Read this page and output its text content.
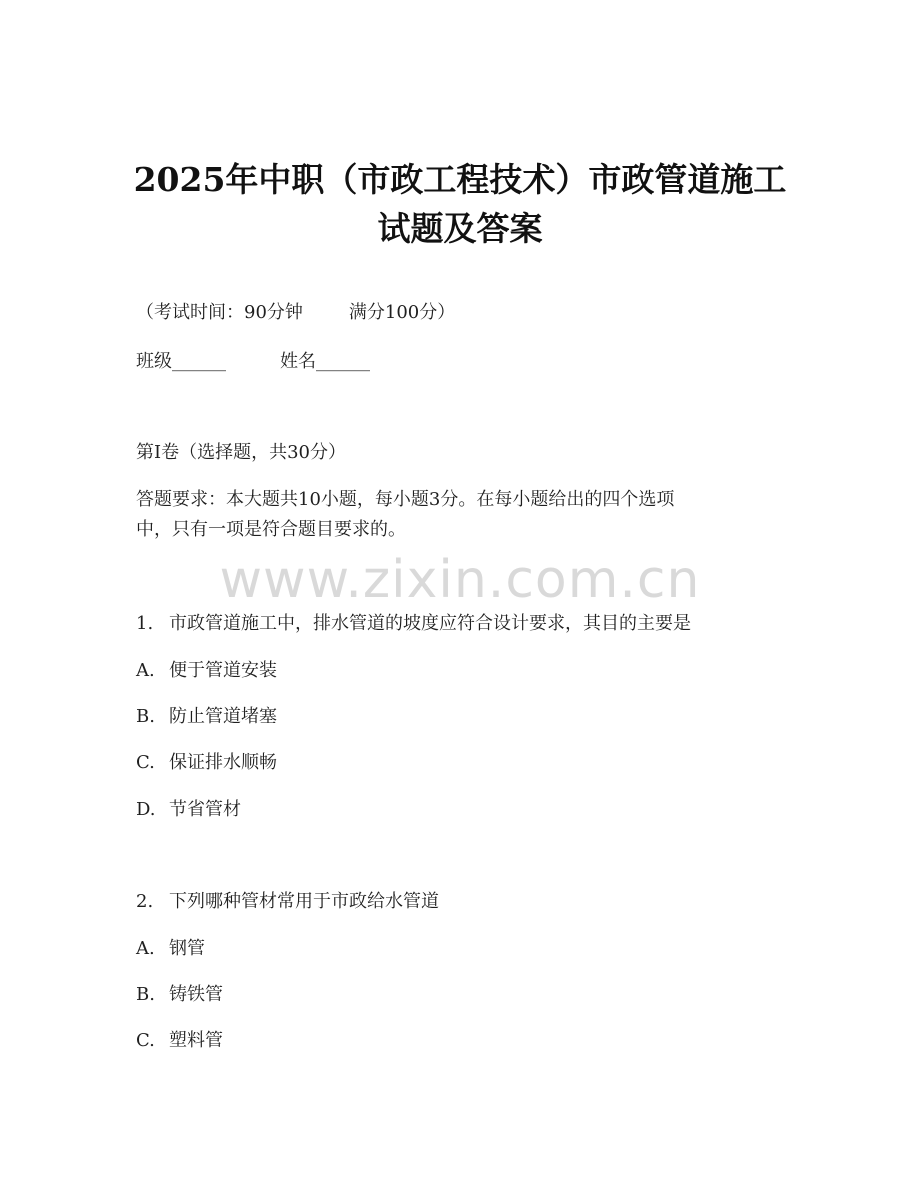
2025年中职（市政工程技术）市政管道施工
试题及答案
（考试时间：90分钟	满分100分）
班级______	姓名______
第I卷（选择题，共30分）
答题要求：本大题共10小题，每小题3分。在每小题给出的四个选项
中，只有一项是符合题目要求的。
www.zixin.com.cn
1. 市政管道施工中，排水管道的坡度应符合设计要求，其目的主要是
A. 便于管道安装
B. 防止管道堵塞
C. 保证排水顺畅
D. 节省管材
2. 下列哪种管材常用于市政给水管道
A. 钢管
B. 铸铁管
C. 塑料管
